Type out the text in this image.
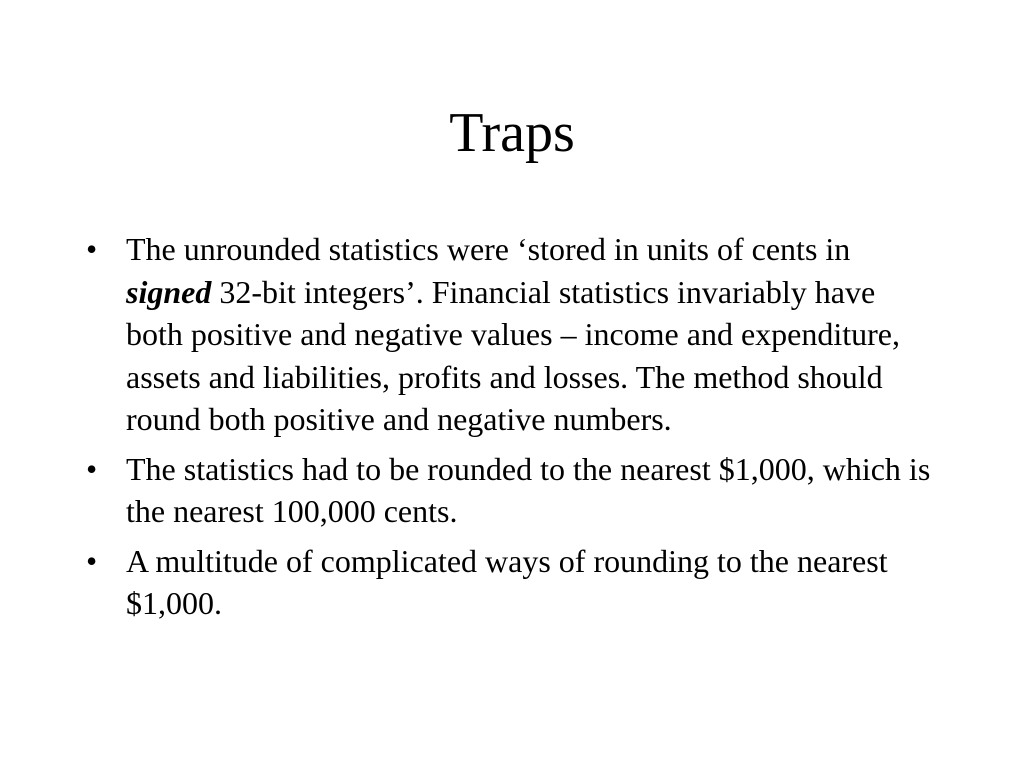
Traps
• The unrounded statistics were ‘stored in units of cents in signed 32-bit integers’. Financial statistics invariably have both positive and negative values – income and expenditure, assets and liabilities, profits and losses. The method should round both positive and negative numbers.
• The statistics had to be rounded to the nearest $1,000, which is the nearest 100,000 cents.
• A multitude of complicated ways of rounding to the nearest $1,000.
